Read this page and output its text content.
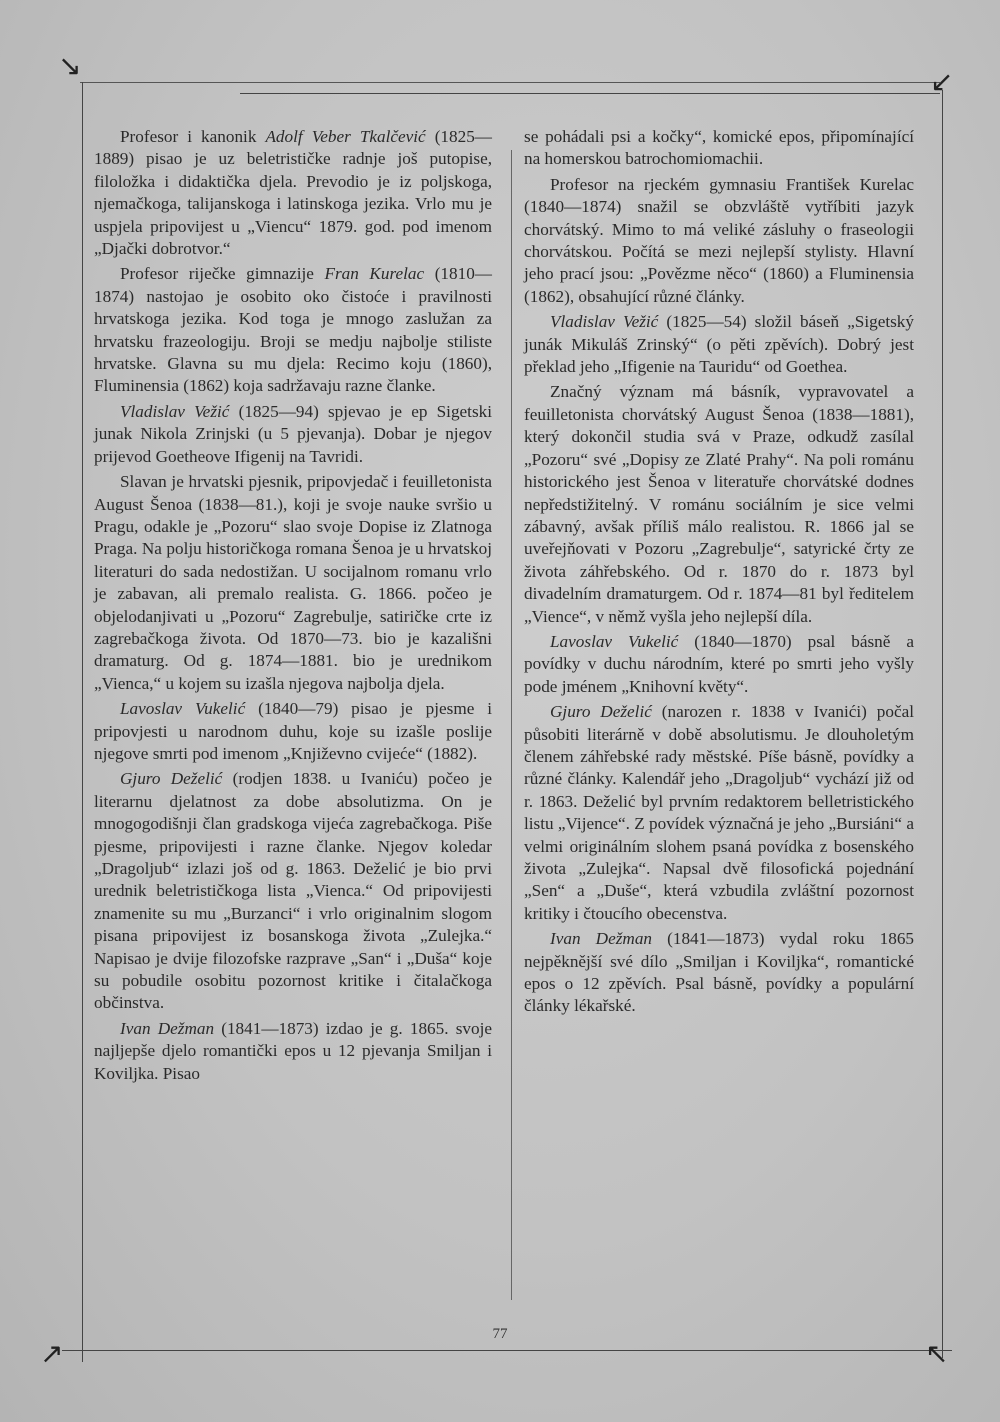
↘	↙
↗	↖

Profesor i kanonik Adolf Veber Tkalčević (1825—1889) pisao je uz beletrističke radnje još putopise, filoložka i didaktička djela. Prevodio je iz poljskoga, njemačkoga, talijanskoga i latinskoga jezika. Vrlo mu je uspjela pripovijest u „Viencu“ 1879. god. pod imenom „Djački dobrotvor.“

Profesor riječke gimnazije Fran Kurelac (1810—1874) nastojao je osobito oko čistoće i pravilnosti hrvatskoga jezika. Kod toga je mnogo zaslužan za hrvatsku frazeologiju. Broji se medju najbolje stiliste hrvatske. Glavna su mu djela: Recimo koju (1860), Fluminensia (1862) koja sadržavaju razne članke.

Vladislav Vežić (1825—94) spjevao je ep Sigetski junak Nikola Zrinjski (u 5 pjevanja). Dobar je njegov prijevod Goetheove Ifigenij na Tavridi.

Slavan je hrvatski pjesnik, pripovjedač i feuilletonista August Šenoa (1838—81.), koji je svoje nauke svršio u Pragu, odakle je „Pozoru“ slao svoje Dopise iz Zlatnoga Praga. Na polju historičkoga romana Šenoa je u hrvatskoj literaturi do sada nedostižan. U socijalnom romanu vrlo je zabavan, ali premalo realista. G. 1866. počeo je objelodanjivati u „Pozoru“ Zagrebulje, satiričke crte iz zagrebačkoga života. Od 1870—73. bio je kazališni dramaturg. Od g. 1874—1881. bio je urednikom „Vienca,“ u kojem su izašla njegova najbolja djela.

Lavoslav Vukelić (1840—79) pisao je pjesme i pripovjesti u narodnom duhu, koje su izašle poslije njegove smrti pod imenom „Književno cvijeće“ (1882).

Gjuro Deželić (rodjen 1838. u Ivaniću) počeo je literarnu djelatnost za dobe absolutizma. On je mnogogodišnji član gradskoga vijeća zagrebačkoga. Piše pjesme, pripovijesti i razne članke. Njegov koledar „Dragoljub“ izlazi još od g. 1863. Deželić je bio prvi urednik beletrističkoga lista „Vienca.“ Od pripovijesti znamenite su mu „Burzanci“ i vrlo originalnim slogom pisana pripovijest iz bosanskoga života „Zulejka.“ Napisao je dvije filozofske razprave „San“ i „Duša“ koje su pobudile osobitu pozornost kritike i čitalačkoga občinstva.

Ivan Dežman (1841—1873) izdao je g. 1865. svoje najljepše djelo romantički epos u 12 pjevanja Smiljan i Koviljka. Pisao

se pohádali psi a kočky“, komické epos, připomínající na homerskou batrochomiomachii.

Profesor na rjeckém gymnasiu František Kurelac (1840—1874) snažil se obzvláště vytříbiti jazyk chorvátský. Mimo to má veliké zásluhy o fraseologii chorvátskou. Počítá se mezi nejlepší stylisty. Hlavní jeho prací jsou: „Povězme něco“ (1860) a Fluminensia (1862), obsahující různé články.

Vladislav Vežić (1825—54) složil báseň „Sigetský junák Mikuláš Zrinský“ (o pěti zpěvích). Dobrý jest překlad jeho „Ifigenie na Tauridu“ od Goethea.

Značný význam má básník, vypravovatel a feuilletonista chorvátský August Šenoa (1838—1881), který dokončil studia svá v Praze, odkudž zasílal „Pozoru“ své „Dopisy ze Zlaté Prahy“. Na poli románu historického jest Šenoa v literatuře chorvátské dodnes nepředstižitelný. V románu sociálním je sice velmi zábavný, avšak příliš málo realistou. R. 1866 jal se uveřejňovati v Pozoru „Zagrebulje“, satyrické črty ze života záhřebského. Od r. 1870 do r. 1873 byl divadelním dramaturgem. Od r. 1874—81 byl ředitelem „Vience“, v němž vyšla jeho nejlepší díla.

Lavoslav Vukelić (1840—1870) psal básně a povídky v duchu národním, které po smrti jeho vyšly pode jménem „Knihovní květy“.

Gjuro Deželić (narozen r. 1838 v Ivanići) počal působiti literárně v době absolutismu. Je dlouholetým členem záhřebské rady městské. Píše básně, povídky a různé články. Kalendář jeho „Dragoljub“ vychází již od r. 1863. Deželić byl prvním redaktorem belletristického listu „Vijence“. Z povídek význačná je jeho „Bursiáni“ a velmi originálním slohem psaná povídka z bosenského života „Zulejka“. Napsal dvě filosofická pojednání „Sen“ a „Duše“, která vzbudila zvláštní pozornost kritiky i čtoucího obecenstva.

Ivan Dežman (1841—1873) vydal roku 1865 nejpěknější své dílo „Smiljan i Koviljka“, romantické epos o 12 zpěvích. Psal básně, povídky a populární články lékařské.

77
